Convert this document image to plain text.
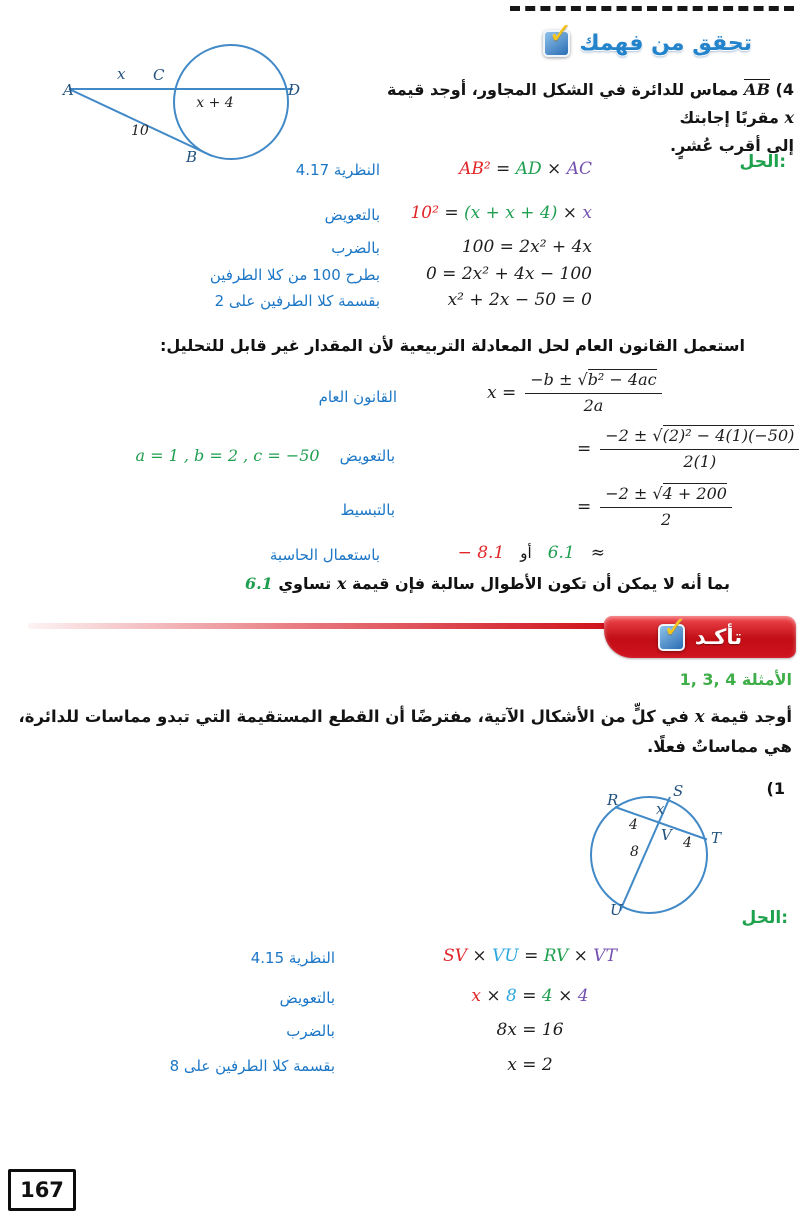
✓ تحقق من فهمك
A
x C
x + 4
D
10
B
(4 AB مماس للدائرة في الشكل المجاور، أوجد قيمة x مقربًا إجابتك
إلى أقرب عُشرٍ.
الحل:
AB² = AD × AC
النظرية 4.17
10² = (x + x + 4) × x
بالتعويض
100 = 2x² + 4x
بالضرب
0 = 2x² + 4x − 100
بطرح 100 من كلا الطرفين
x² + 2x − 50 = 0
بقسمة كلا الطرفين على 2
استعمل القانون العام لحل المعادلة التربيعية لأن المقدار غير قابل للتحليل:
$x = \frac{\text{−b ± √b² − 4ac}}{2a}$
القانون العام
= $\frac{\text{−2 ± √(2)² − 4(1)(−50)}}{2(1)}$
a = 1 , b = 2 , c = −50 بالتعويض
= $\frac{-2 \pm √4 + 200}{2}$
بالتبسيط
− 8.1 أو 6.1 ≈
باستعمال الحاسبة
بما أنه لا يمكن أن تكون الأطوال سالبة فإن قيمة x تساوي 6.1
✓ تأكـد
الأمثلة 1, 3, 4
أوجد قيمة x في كلٍّ من الأشكال الآتية، مفترضًا أن القطع المستقيمة التي تبدو مماسات للدائرة، هي مماساتٌ فعلًا.
(1
R	S
x
4
V 4 T
8
U	الحل:
SV × VU = RV × VT
النظرية 4.15
x × 8 = 4 × 4
بالتعويض
8x = 16
بالضرب
x = 2
بقسمة كلا الطرفين على 8
167
